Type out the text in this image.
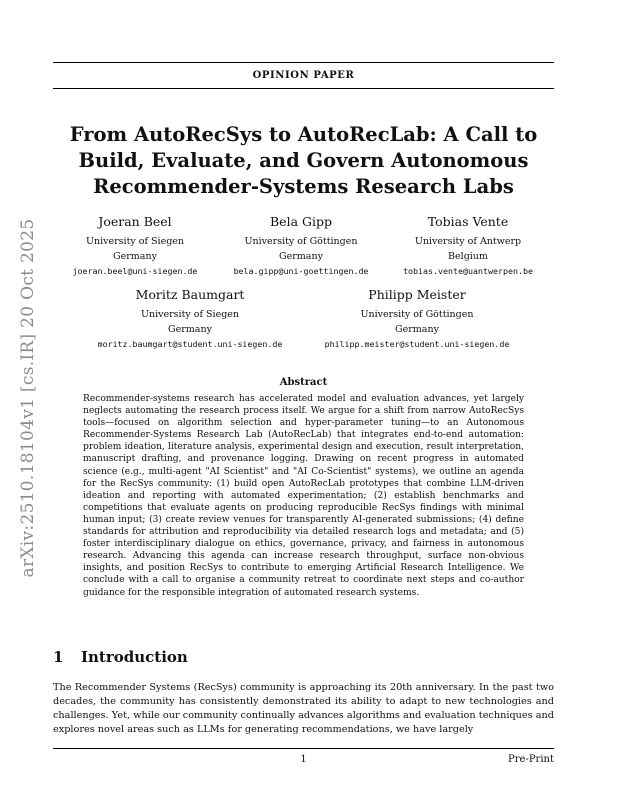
OPINION PAPER
From AutoRecSys to AutoRecLab: A Call to Build, Evaluate, and Govern Autonomous Recommender-Systems Research Labs
Joeran Beel
University of Siegen
Germany
joeran.beel@uni-siegen.de
Bela Gipp
University of Göttingen
Germany
bela.gipp@uni-goettingen.de
Tobias Vente
University of Antwerp
Belgium
tobias.vente@uantwerpen.be
Moritz Baumgart
University of Siegen
Germany
moritz.baumgart@student.uni-siegen.de
Philipp Meister
University of Göttingen
Germany
philipp.meister@student.uni-siegen.de
Abstract
Recommender-systems research has accelerated model and evaluation advances, yet largely neglects automating the research process itself. We argue for a shift from narrow AutoRecSys tools—focused on algorithm selection and hyper-parameter tuning—to an Autonomous Recommender-Systems Research Lab (AutoRecLab) that integrates end-to-end automation: problem ideation, literature analysis, experimental design and execution, result interpretation, manuscript drafting, and provenance logging. Drawing on recent progress in automated science (e.g., multi-agent "AI Scientist" and "AI Co-Scientist" systems), we outline an agenda for the RecSys community: (1) build open AutoRecLab prototypes that combine LLM-driven ideation and reporting with automated experimentation; (2) establish benchmarks and competitions that evaluate agents on producing reproducible RecSys findings with minimal human input; (3) create review venues for transparently AI-generated submissions; (4) define standards for attribution and reproducibility via detailed research logs and metadata; and (5) foster interdisciplinary dialogue on ethics, governance, privacy, and fairness in autonomous research. Advancing this agenda can increase research throughput, surface non-obvious insights, and position RecSys to contribute to emerging Artificial Research Intelligence. We conclude with a call to organise a community retreat to coordinate next steps and co-author guidance for the responsible integration of automated research systems.
1 Introduction
The Recommender Systems (RecSys) community is approaching its 20th anniversary. In the past two decades, the community has consistently demonstrated its ability to adapt to new technologies and challenges. Yet, while our community continually advances algorithms and evaluation techniques and explores novel areas such as LLMs for generating recommendations, we have largely
1	Pre-Print
arXiv:2510.18104v1 [cs.IR] 20 Oct 2025
